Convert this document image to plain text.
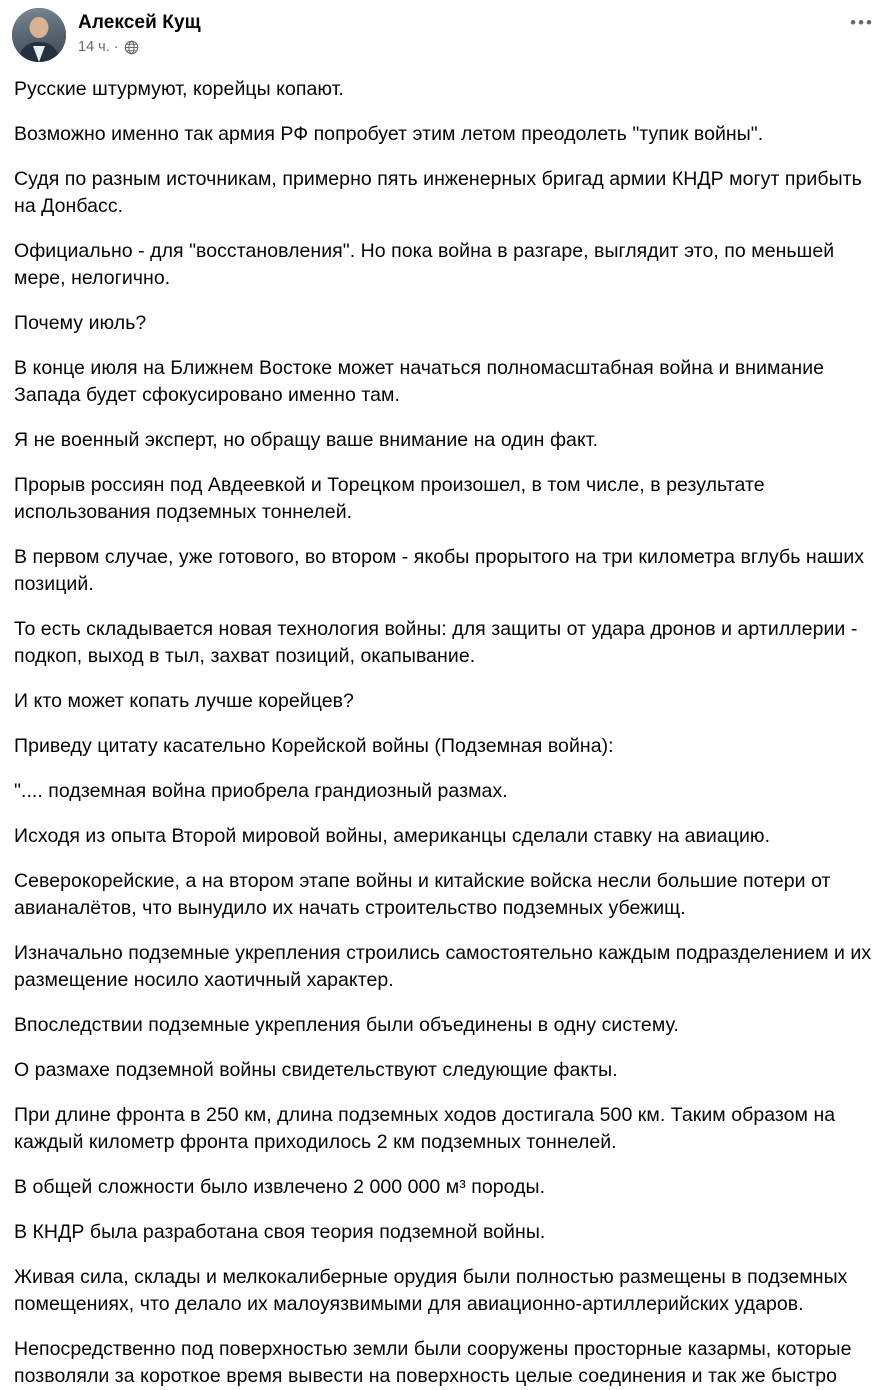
Алексей Кущ
14 ч. ·
•••

Русские штурмуют, корейцы копают.

Возможно именно так армия РФ попробует этим летом преодолеть "тупик войны".

Судя по разным источникам, примерно пять инженерных бригад армии КНДР могут прибыть на Донбасс.

Официально - для "восстановления". Но пока война в разгаре, выглядит это, по меньшей мере, нелогично.

Почему июль?

В конце июля на Ближнем Востоке может начаться полномасштабная война и внимание Запада будет сфокусировано именно там.

Я не военный эксперт, но обращу ваше внимание на один факт.

Прорыв россиян под Авдеевкой и Торецком произошел, в том числе, в результате использования подземных тоннелей.

В первом случае, уже готового, во втором - якобы прорытого на три километра вглубь наших позиций.

То есть складывается новая технология войны: для защиты от удара дронов и артиллерии - подкоп, выход в тыл, захват позиций, окапывание.

И кто может копать лучше корейцев?

Приведу цитату касательно Корейской войны (Подземная война):

".... подземная война приобрела грандиозный размах.

Исходя из опыта Второй мировой войны, американцы сделали ставку на авиацию.

Северокорейские, а на втором этапе войны и китайские войска несли большие потери от авианалётов, что вынудило их начать строительство подземных убежищ.

Изначально подземные укрепления строились самостоятельно каждым подразделением и их размещение носило хаотичный характер.

Впоследствии подземные укрепления были объединены в одну систему.

О размахе подземной войны свидетельствуют следующие факты.

При длине фронта в 250 км, длина подземных ходов достигала 500 км. Таким образом на каждый километр фронта приходилось 2 км подземных тоннелей.

В общей сложности было извлечено 2 000 000 м³ породы.

В КНДР была разработана своя теория подземной войны.

Живая сила, склады и мелкокалиберные орудия были полностью размещены в подземных помещениях, что делало их малоуязвимыми для авиационно-артиллерийских ударов.

Непосредственно под поверхностью земли были сооружены просторные казармы, которые позволяли за короткое время вывести на поверхность целые соединения и так же быстро
